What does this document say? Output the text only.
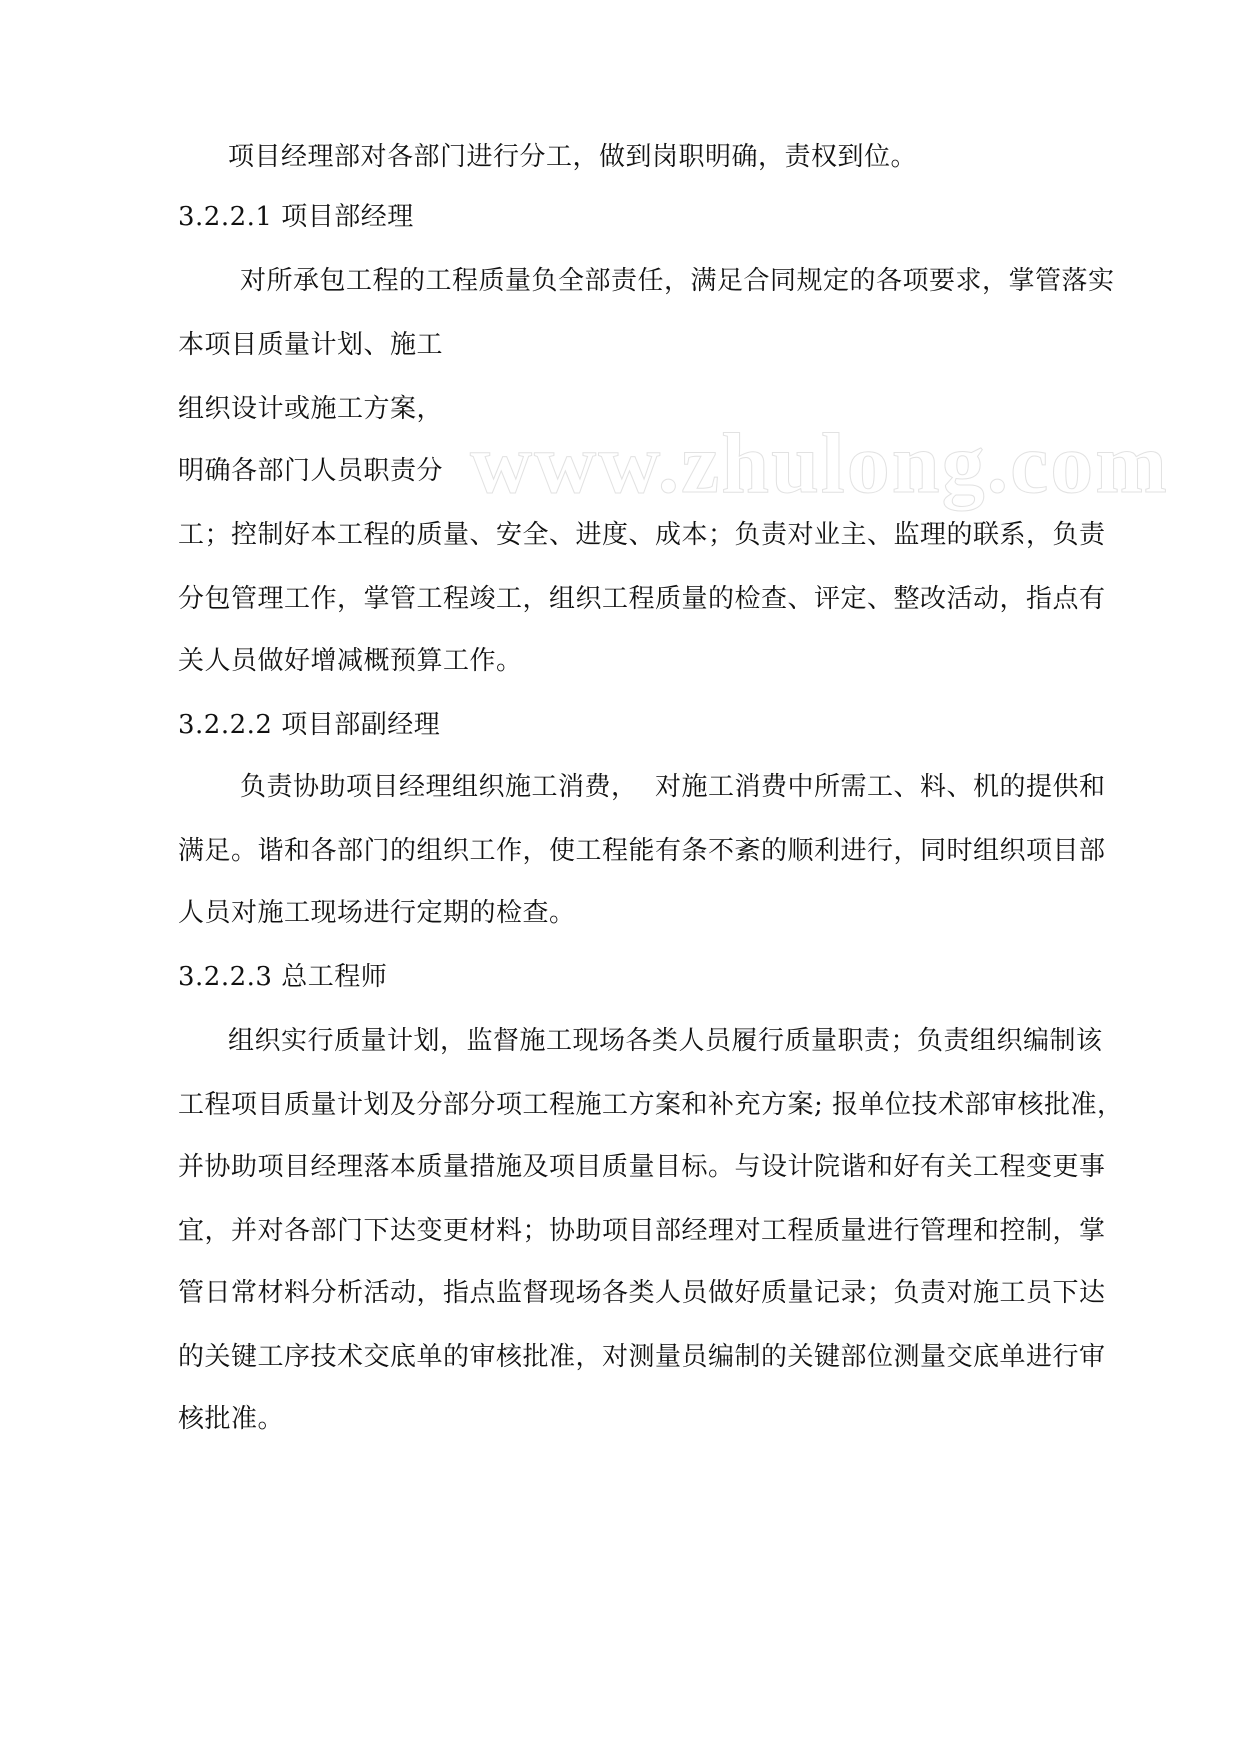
www.zhulong.com
项目经理部对各部门进行分工，做到岗职明确，责权到位。
3.2.2.1 项目部经理
对所承包工程的工程质量负全部责任，满足合同规定的各项要求，掌管落实
本项目质量计划、施工
组织设计或施工方案，
明确各部门人员职责分
工；控制好本工程的质量、安全、进度、成本；负责对业主、监理的联系，负责
分包管理工作，掌管工程竣工，组织工程质量的检查、评定、整改活动，指点有
关人员做好增减概预算工作。
3.2.2.2 项目部副经理
负责协助项目经理组织施工消费，  对施工消费中所需工、料、机的提供和
满足。谐和各部门的组织工作，使工程能有条不紊的顺利进行，同时组织项目部
人员对施工现场进行定期的检查。
3.2.2.3 总工程师
组织实行质量计划，监督施工现场各类人员履行质量职责；负责组织编制该
工程项目质量计划及分部分项工程施工方案和补充方案; 报单位技术部审核批准，
并协助项目经理落本质量措施及项目质量目标。与设计院谐和好有关工程变更事
宜，并对各部门下达变更材料；协助项目部经理对工程质量进行管理和控制，掌
管日常材料分析活动，指点监督现场各类人员做好质量记录；负责对施工员下达
的关键工序技术交底单的审核批准，对测量员编制的关键部位测量交底单进行审
核批准。
